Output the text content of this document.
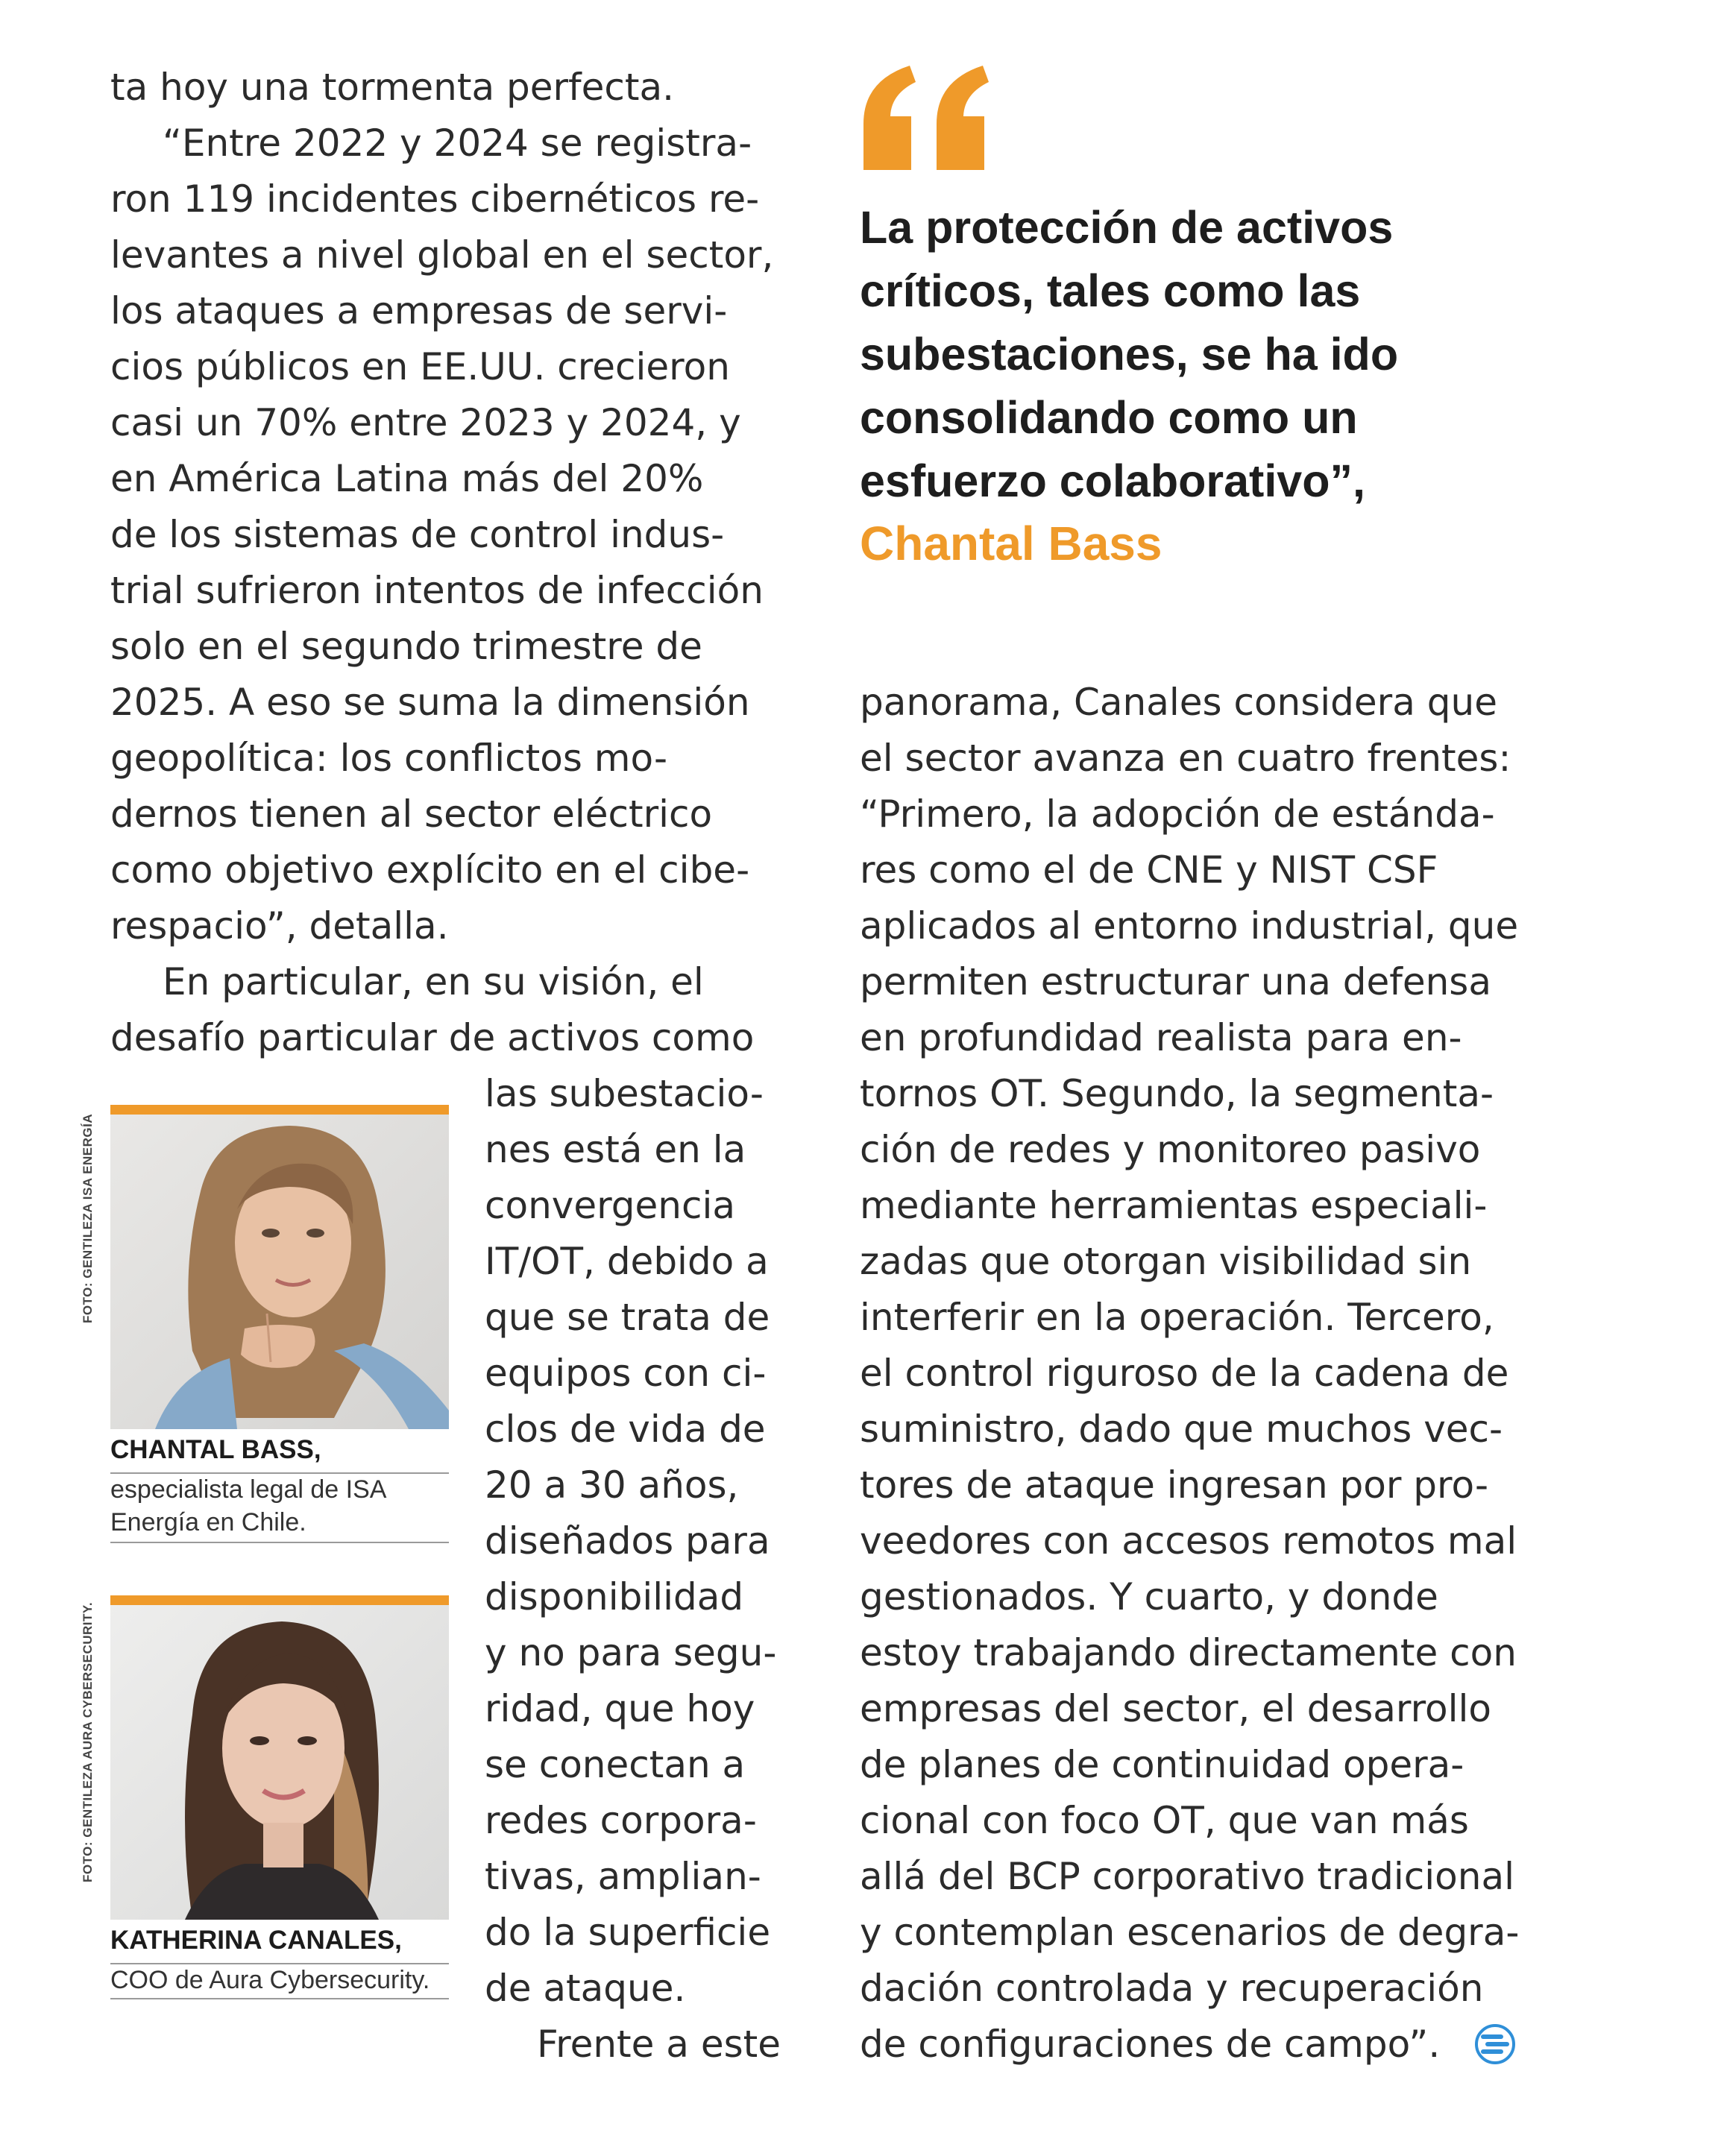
ta hoy una tormenta perfecta.
“Entre 2022 y 2024 se registra-
ron 119 incidentes cibernéticos re-
levantes a nivel global en el sector,
los ataques a empresas de servi-
cios públicos en EE.UU. crecieron
casi un 70% entre 2023 y 2024, y
en América Latina más del 20%
de los sistemas de control indus-
trial sufrieron intentos de infección
solo en el segundo trimestre de
2025. A eso se suma la dimensión
geopolítica: los conflictos mo-
dernos tienen al sector eléctrico
como objetivo explícito en el cibe-
respacio”, detalla.
En particular, en su visión, el
desafío particular de activos como
las subestacio-
nes está en la
convergencia
IT/OT, debido a
que se trata de
equipos con ci-
clos de vida de
20 a 30 años,
diseñados para
disponibilidad
y no para segu-
ridad, que hoy
se conectan a
redes corpora-
tivas, amplian-
do la superficie
de ataque.
Frente a este
FOTO: GENTILEZA ISA ENERGÍA
CHANTAL BASS,
especialista legal de ISA
Energía en Chile.
FOTO: GENTILEZA AURA CYBERSECURITY.
KATHERINA CANALES,
COO de Aura Cybersecurity.
La protección de activos
críticos, tales como las
subestaciones, se ha ido
consolidando como un
esfuerzo colaborativo”,
Chantal Bass
panorama, Canales considera que
el sector avanza en cuatro frentes:
“Primero, la adopción de estánda-
res como el de CNE y NIST CSF
aplicados al entorno industrial, que
permiten estructurar una defensa
en profundidad realista para en-
tornos OT. Segundo, la segmenta-
ción de redes y monitoreo pasivo
mediante herramientas especiali-
zadas que otorgan visibilidad sin
interferir en la operación. Tercero,
el control riguroso de la cadena de
suministro, dado que muchos vec-
tores de ataque ingresan por pro-
veedores con accesos remotos mal
gestionados. Y cuarto, y donde
estoy trabajando directamente con
empresas del sector, el desarrollo
de planes de continuidad opera-
cional con foco OT, que van más
allá del BCP corporativo tradicional
y contemplan escenarios de degra-
dación controlada y recuperación
de configuraciones de campo”.
